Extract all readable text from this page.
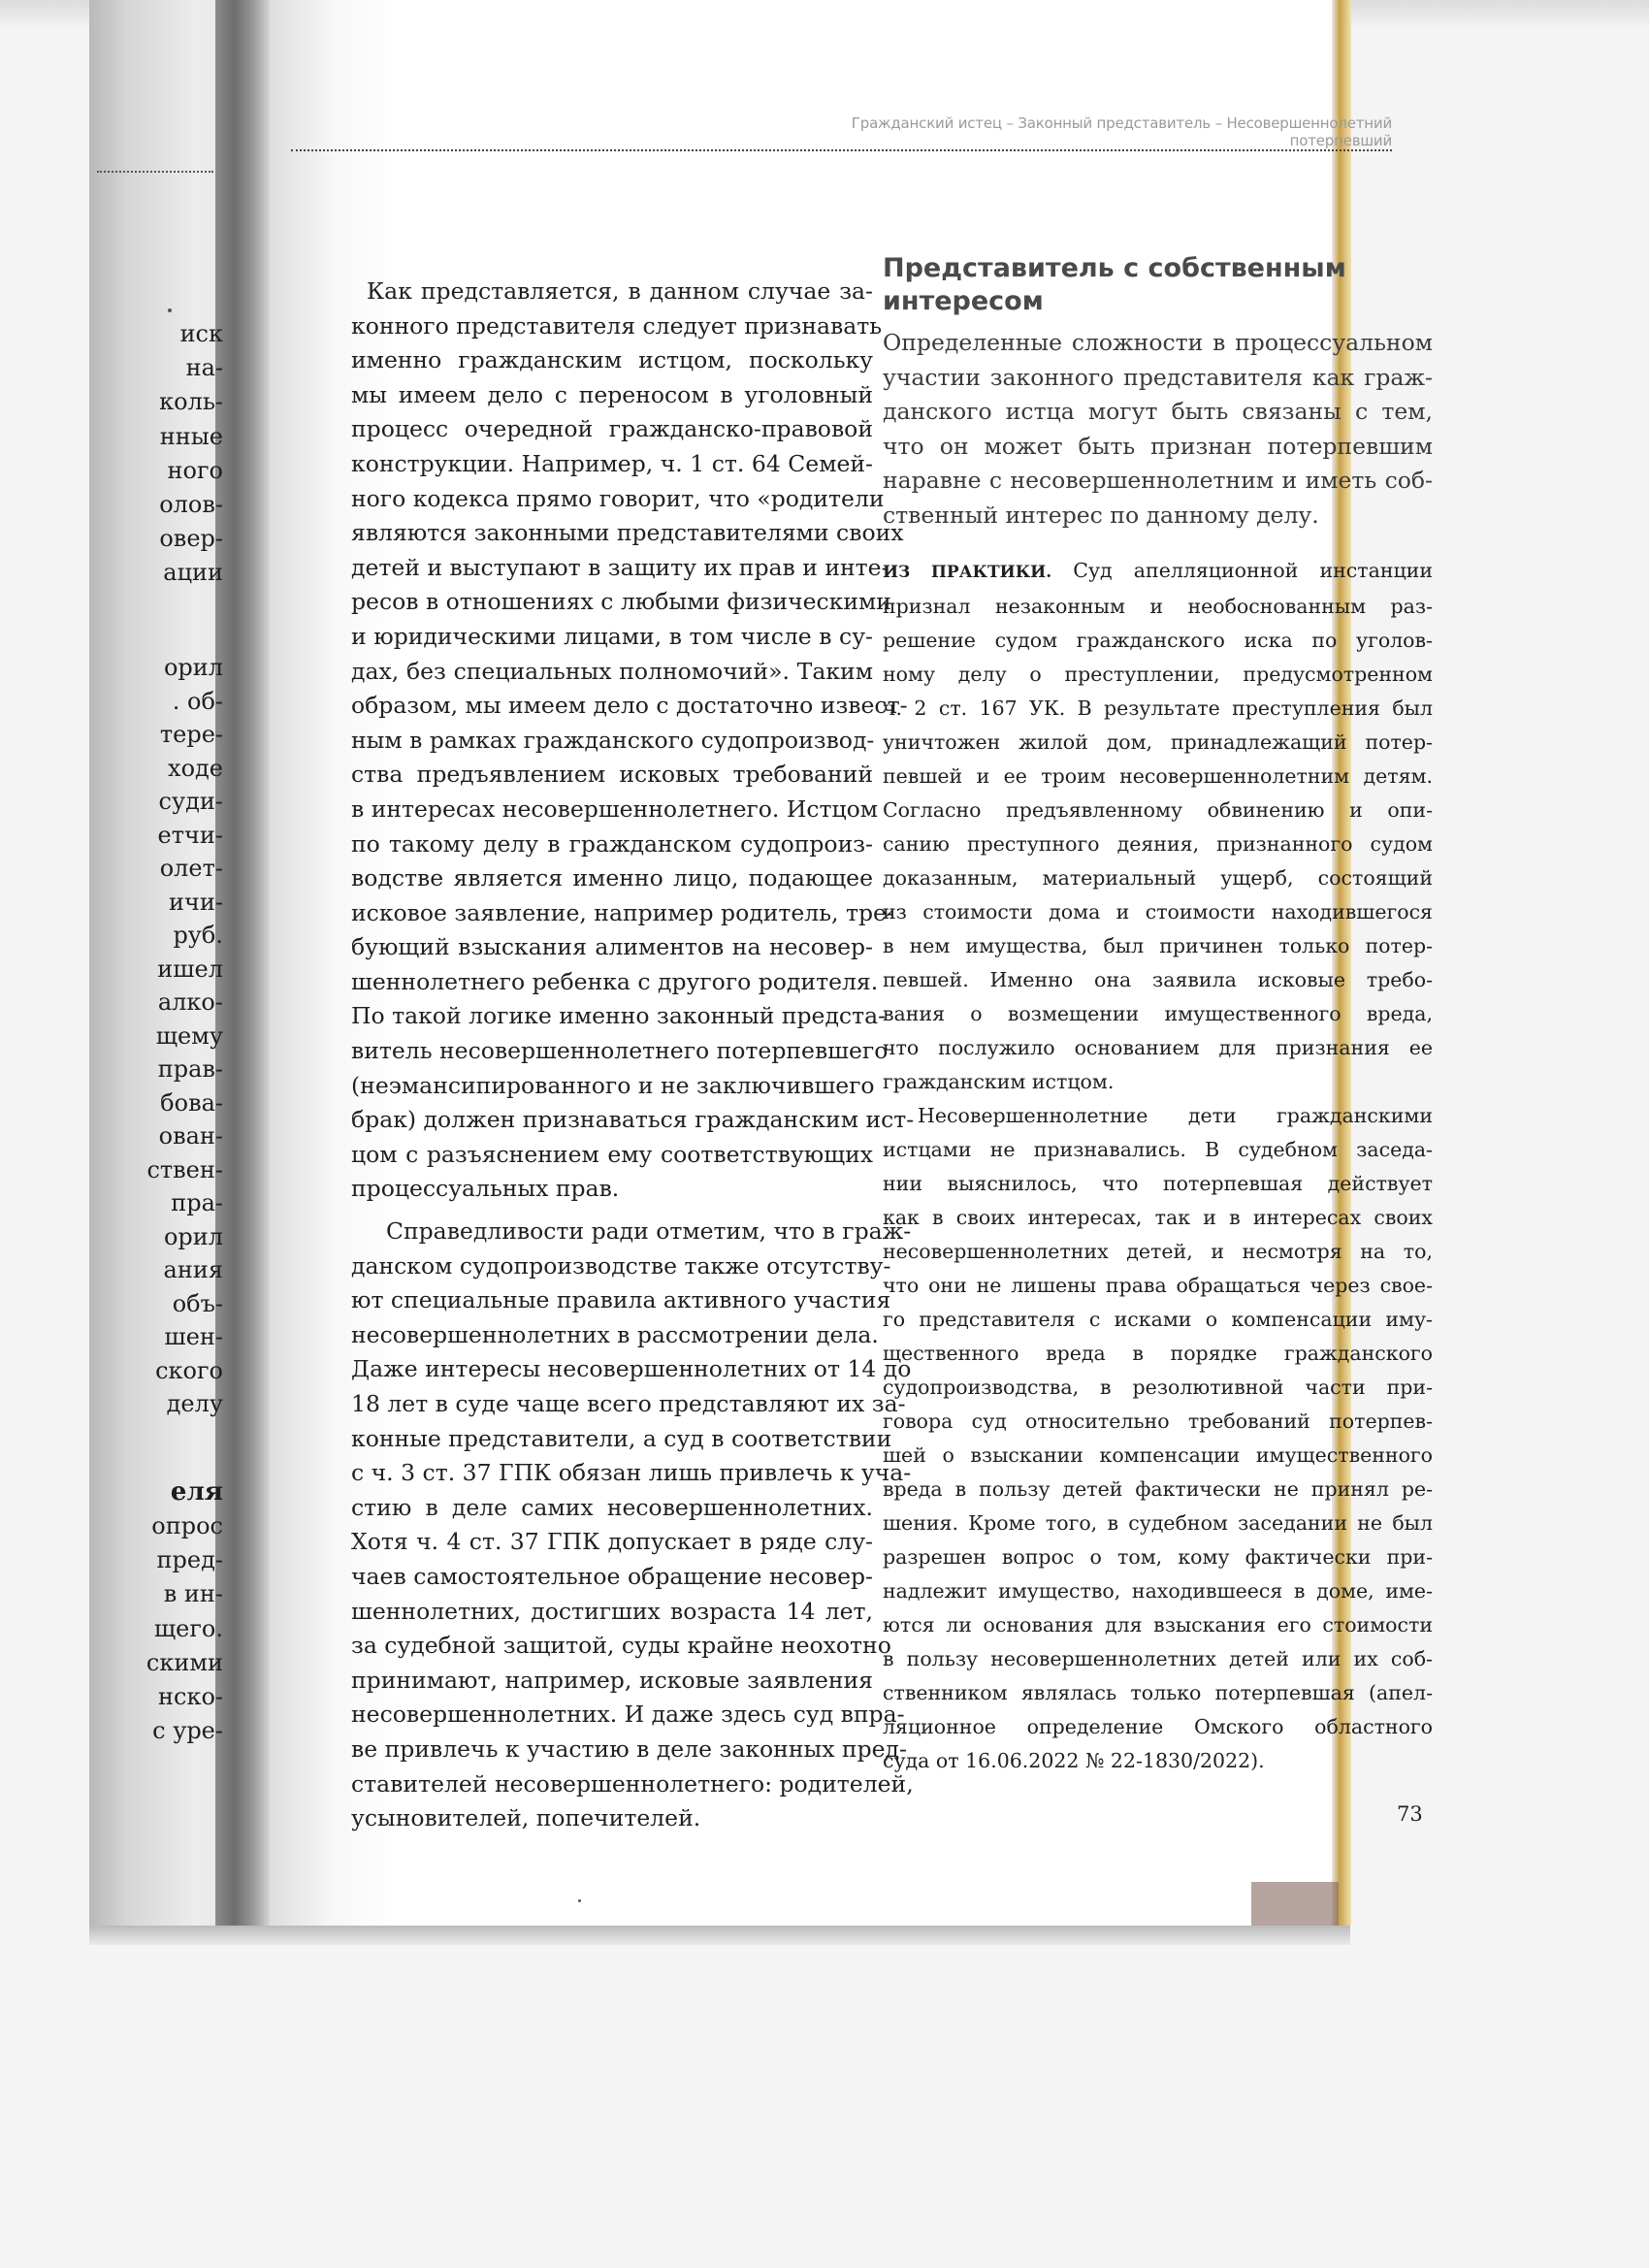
иск
на-
коль-
нные
ного
олов-
овер-
ации
орил
. об-
тере-
ходе
суди-
етчи-
олет-
ичи-
руб.
ишел
алко-
щему
прав-
бова-
ован-
ствен-
пра-
орил
ания
объ-
шен-
ского
делу
еля
опрос
пред-
в ин-
щего.
скими
нско-
с уре-
Гражданский истец – Законный представитель – Несовершеннолетний потерпевший

Как представляется, в данном случае за-
конного представителя следует признавать
именно гражданским истцом, поскольку
мы имеем дело с переносом в уголовный
процесс очередной гражданско-правовой
конструкции. Например, ч. 1 ст. 64 Семей-
ного кодекса прямо говорит, что «родители
являются законными представителями своих
детей и выступают в защиту их прав и инте-
ресов в отношениях с любыми физическими
и юридическими лицами, в том числе в су-
дах, без специальных полномочий». Таким
образом, мы имеем дело с достаточно извест-
ным в рамках гражданского судопроизвод-
ства предъявлением исковых требований
в интересах несовершеннолетнего. Истцом
по такому делу в гражданском судопроиз-
водстве является именно лицо, подающее
исковое заявление, например родитель, тре-
бующий взыскания алиментов на несовер-
шеннолетнего ребенка с другого родителя.
По такой логике именно законный предста-
витель несовершеннолетнего потерпевшего
(неэмансипированного и не заключившего
брак) должен признаваться гражданским ист-
цом с разъяснением ему соответствующих
процессуальных прав.

Справедливости ради отметим, что в граж-
данском судопроизводстве также отсутству-
ют специальные правила активного участия
несовершеннолетних в рассмотрении дела.
Даже интересы несовершеннолетних от 14 до
18 лет в суде чаще всего представляют их за-
конные представители, а суд в соответствии
с ч. 3 ст. 37 ГПК обязан лишь привлечь к уча-
стию в деле самих несовершеннолетних.
Хотя ч. 4 ст. 37 ГПК допускает в ряде слу-
чаев самостоятельное обращение несовер-
шеннолетних, достигших возраста 14 лет,
за судебной защитой, суды крайне неохотно
принимают, например, исковые заявления
несовершеннолетних. И даже здесь суд впра-
ве привлечь к участию в деле законных пред-
ставителей несовершеннолетнего: родителей,
усыновителей, попечителей.

Представитель с собственным
интересом
Определенные сложности в процессуальном
участии законного представителя как граж-
данского истца могут быть связаны с тем,
что он может быть признан потерпевшим
наравне с несовершеннолетним и иметь соб-
ственный интерес по данному делу.
ИЗ ПРАКТИКИ. Суд апелляционной инстанции
признал незаконным и необоснованным раз-
решение судом гражданского иска по уголов-
ному делу о преступлении, предусмотренном
ч. 2 ст. 167 УК. В результате преступления был
уничтожен жилой дом, принадлежащий потер-
певшей и ее троим несовершеннолетним детям.
Согласно предъявленному обвинению и опи-
санию преступного деяния, признанного судом
доказанным, материальный ущерб, состоящий
из стоимости дома и стоимости находившегося
в нем имущества, был причинен только потер-
певшей. Именно она заявила исковые требо-
вания о возмещении имущественного вреда,
что послужило основанием для признания ее
гражданским истцом.
Несовершеннолетние дети гражданскими
истцами не признавались. В судебном заседа-
нии выяснилось, что потерпевшая действует
как в своих интересах, так и в интересах своих
несовершеннолетних детей, и несмотря на то,
что они не лишены права обращаться через свое-
го представителя с исками о компенсации иму-
щественного вреда в порядке гражданского
судопроизводства, в резолютивной части при-
говора суд относительно требований потерпев-
шей о взыскании компенсации имущественного
вреда в пользу детей фактически не принял ре-
шения. Кроме того, в судебном заседании не был
разрешен вопрос о том, кому фактически при-
надлежит имущество, находившееся в доме, име-
ются ли основания для взыскания его стоимости
в пользу несовершеннолетних детей или их соб-
ственником являлась только потерпевшая (апел-
ляционное определение Омского областного
суда от 16.06.2022 № 22-1830/2022).
73
